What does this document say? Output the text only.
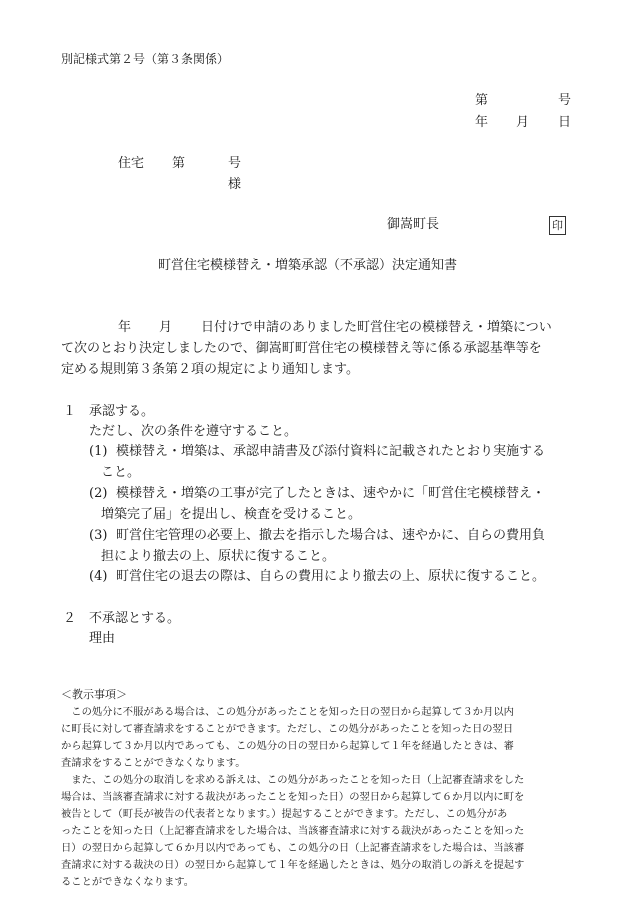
別記様式第２号（第３条関係）
第	号
年 月 日
住宅 第	号
様
御嵩町長	印
町営住宅模様替え・増築承認（不承認）決定通知書
年 月 日付けで申請のありました町営住宅の模様替え・増築につい
て次のとおり決定しましたので、御嵩町町営住宅の模様替え等に係る承認基準等を
定める規則第３条第２項の規定により通知します。
１ 承認する。
ただし、次の条件を遵守すること。
(1) 模様替え・増築は、承認申請書及び添付資料に記載されたとおり実施する
こと。
(2) 模様替え・増築の工事が完了したときは、速やかに「町営住宅模様替え・
増築完了届」を提出し、検査を受けること。
(3) 町営住宅管理の必要上、撤去を指示した場合は、速やかに、自らの費用負
担により撤去の上、原状に復すること。
(4) 町営住宅の退去の際は、自らの費用により撤去の上、原状に復すること。
２ 不承認とする。
理由
＜教示事項＞
　この処分に不服がある場合は、この処分があったことを知った日の翌日から起算して３か月以内
に町長に対して審査請求をすることができます。ただし、この処分があったことを知った日の翌日
から起算して３か月以内であっても、この処分の日の翌日から起算して１年を経過したときは、審
査請求をすることができなくなります。
　また、この処分の取消しを求める訴えは、この処分があったことを知った日（上記審査請求をした
場合は、当該審査請求に対する裁決があったことを知った日）の翌日から起算して６か月以内に町を
被告として（町長が被告の代表者となります。）提起することができます。ただし、この処分があ
ったことを知った日（上記審査請求をした場合は、当該審査請求に対する裁決があったことを知った
日）の翌日から起算して６か月以内であっても、この処分の日（上記審査請求をした場合は、当該審
査請求に対する裁決の日）の翌日から起算して１年を経過したときは、処分の取消しの訴えを提起す
ることができなくなります。
